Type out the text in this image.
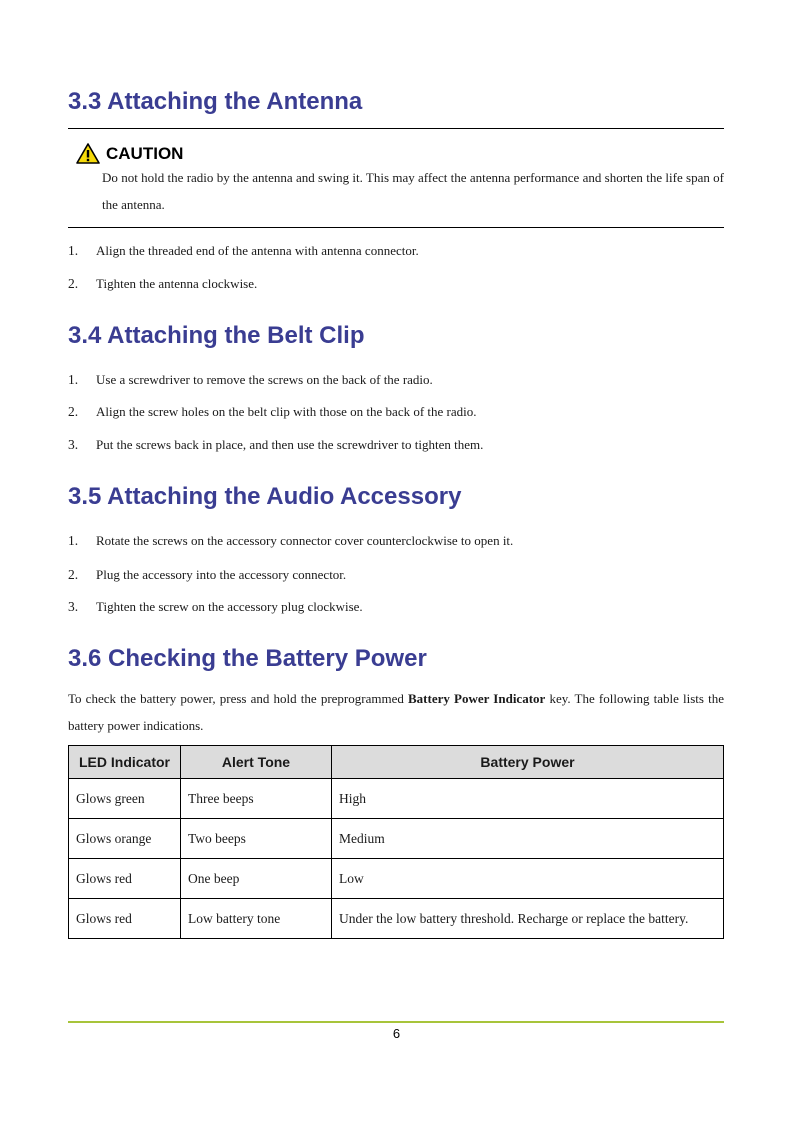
3.3 Attaching the Antenna
CAUTION
Do not hold the radio by the antenna and swing it. This may affect the antenna performance and shorten the life span of the antenna.
1. Align the threaded end of the antenna with antenna connector.
2. Tighten the antenna clockwise.
3.4 Attaching the Belt Clip
1. Use a screwdriver to remove the screws on the back of the radio.
2. Align the screw holes on the belt clip with those on the back of the radio.
3. Put the screws back in place, and then use the screwdriver to tighten them.
3.5 Attaching the Audio Accessory
1. Rotate the screws on the accessory connector cover counterclockwise to open it.
2. Plug the accessory into the accessory connector.
3. Tighten the screw on the accessory plug clockwise.
3.6 Checking the Battery Power
To check the battery power, press and hold the preprogrammed Battery Power Indicator key. The following table lists the battery power indications.
LED Indicator	Alert Tone	Battery Power
Glows green	Three beeps	High
Glows orange	Two beeps	Medium
Glows red	One beep	Low
Glows red	Low battery tone	Under the low battery threshold. Recharge or replace the battery.
6
